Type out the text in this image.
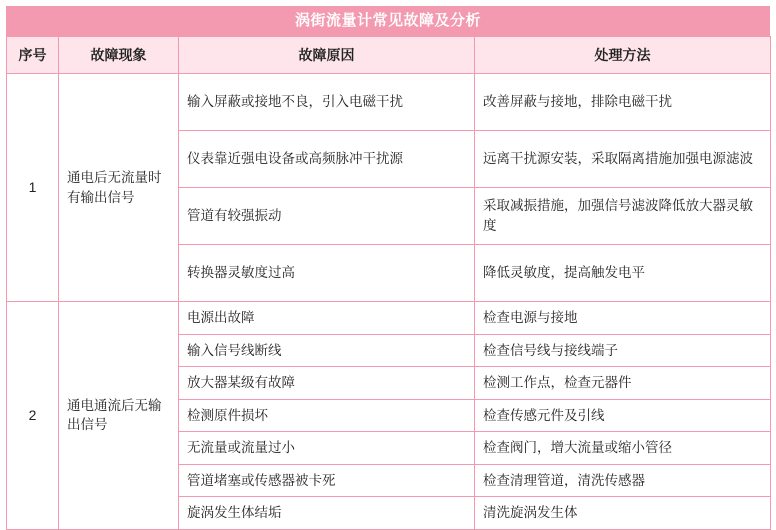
涡街流量计常见故障及分析
序号	故障现象	故障原因	处理方法
1	通电后无流量时有输出信号	输入屏蔽或接地不良，引入电磁干扰	改善屏蔽与接地，排除电磁干扰
		仪表靠近强电设备或高频脉冲干扰源	远离干扰源安装，采取隔离措施加强电源滤波
		管道有较强振动	采取减振措施，加强信号滤波降低放大器灵敏度
		转换器灵敏度过高	降低灵敏度，提高触发电平
2	通电通流后无输出信号	电源出故障	检查电源与接地
		输入信号线断线	检查信号线与接线端子
		放大器某级有故障	检测工作点，检查元器件
		检测原件损坏	检查传感元件及引线
		无流量或流量过小	检查阀门，增大流量或缩小管径
		管道堵塞或传感器被卡死	检查清理管道，清洗传感器
		旋涡发生体结垢	清洗旋涡发生体
